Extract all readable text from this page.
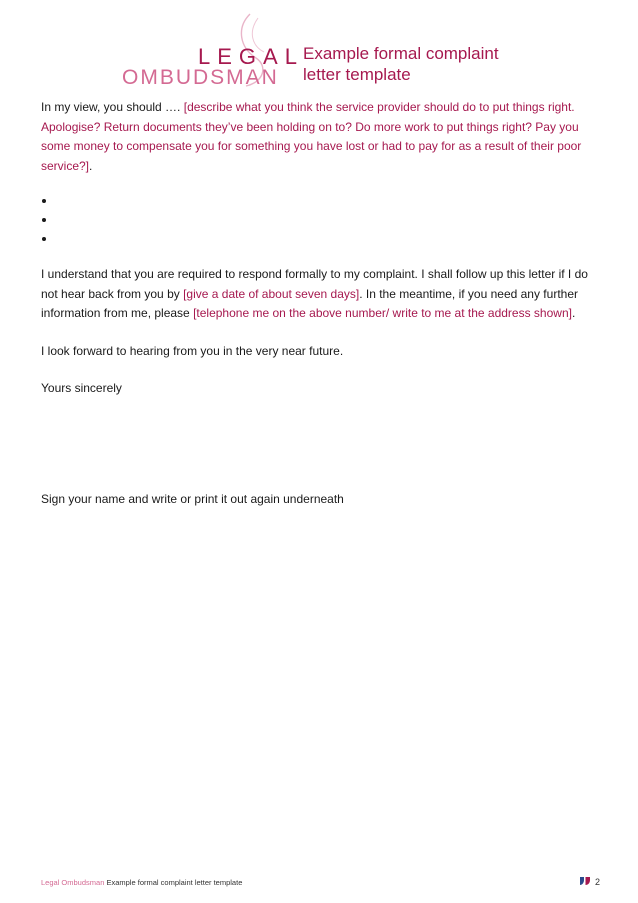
LEGAL
OMBUDSMAN
Example formal complaint
letter template

In my view, you should …. [describe what you think the service provider should do to put things right. Apologise? Return documents they’ve been holding on to? Do more work to put things right? Pay you some money to compensate you for something you have lost or had to pay for as a result of their poor service?].

I understand that you are required to respond formally to my complaint. I shall follow up this letter if I do not hear back from you by [give a date of about seven days]. In the meantime, if you need any further information from me, please [telephone me on the above number/ write to me at the address shown].

I look forward to hearing from you in the very near future.

Yours sincerely

Sign your name and write or print it out again underneath
Legal Ombudsman Example formal complaint letter template	2
